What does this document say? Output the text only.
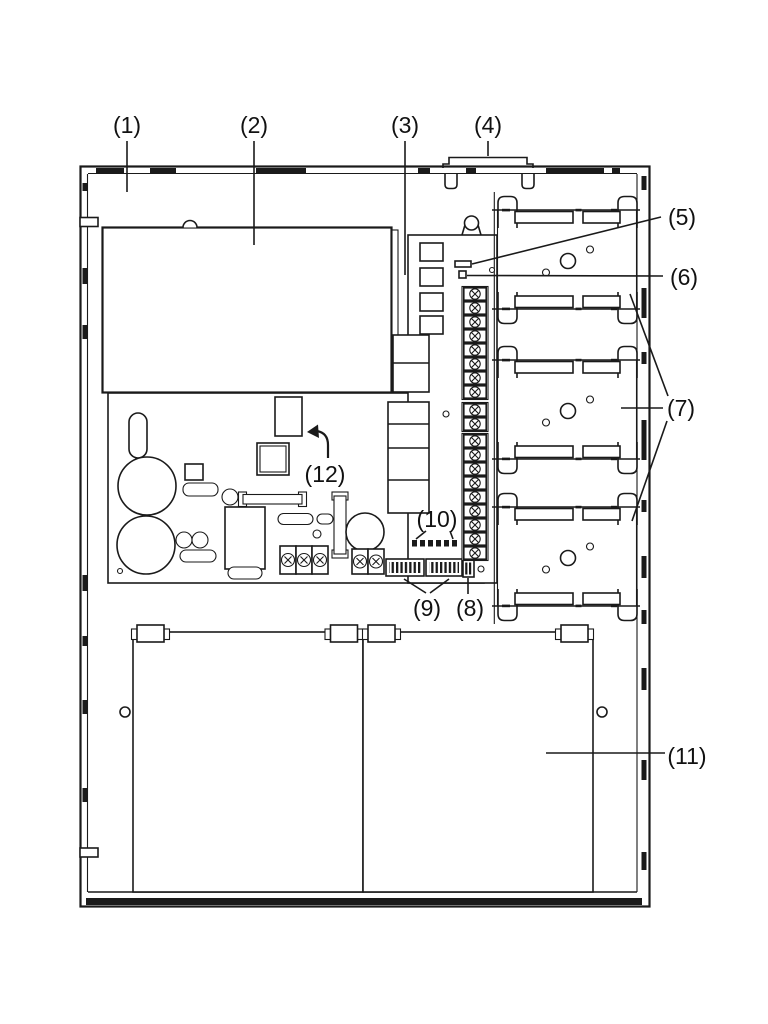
(1)	(2)	(3) (4)
(5)
(6)
(7)
(8)
(9)
(10)
(11)
(12)
